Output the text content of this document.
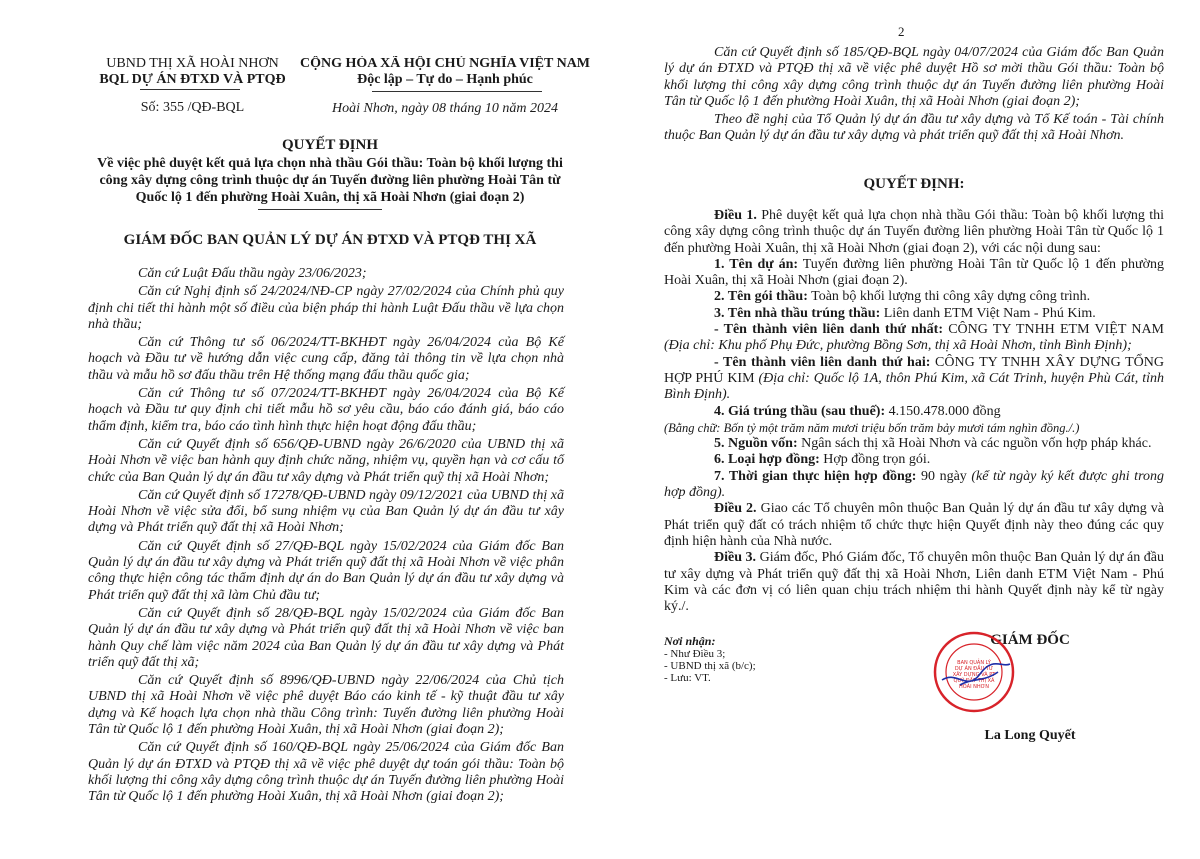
UBND THỊ XÃ HOÀI NHƠN
BQL DỰ ÁN ĐTXD VÀ PTQĐ
Số: 355 /QĐ-BQL
CỘNG HÒA XÃ HỘI CHỦ NGHĨA VIỆT NAM
Độc lập – Tự do – Hạnh phúc
Hoài Nhơn, ngày 08 tháng 10 năm 2024
QUYẾT ĐỊNH
Về việc phê duyệt kết quả lựa chọn nhà thầu Gói thầu: Toàn bộ khối lượng thi
công xây dựng công trình thuộc dự án Tuyến đường liên phường Hoài Tân từ
Quốc lộ 1 đến phường Hoài Xuân, thị xã Hoài Nhơn (giai đoạn 2)
GIÁM ĐỐC BAN QUẢN LÝ DỰ ÁN ĐTXD VÀ PTQĐ THỊ XÃ

Căn cứ Luật Đấu thầu ngày 23/06/2023;

Căn cứ Nghị định số 24/2024/NĐ-CP ngày 27/02/2024 của Chính phủ quy định chi tiết thi hành một số điều của biện pháp thi hành Luật Đấu thầu về lựa chọn nhà thầu;

Căn cứ Thông tư số 06/2024/TT-BKHĐT ngày 26/04/2024 của Bộ Kế hoạch và Đầu tư về hướng dẫn việc cung cấp, đăng tải thông tin về lựa chọn nhà thầu và mẫu hồ sơ đấu thầu trên Hệ thống mạng đấu thầu quốc gia;

Căn cứ Thông tư số 07/2024/TT-BKHĐT ngày 26/04/2024 của Bộ Kế hoạch và Đầu tư quy định chi tiết mẫu hồ sơ yêu cầu, báo cáo đánh giá, báo cáo thẩm định, kiểm tra, báo cáo tình hình thực hiện hoạt động đấu thầu;

Căn cứ Quyết định số 656/QĐ-UBND ngày 26/6/2020 của UBND thị xã Hoài Nhơn về việc ban hành quy định chức năng, nhiệm vụ, quyền hạn và cơ cấu tổ chức của Ban Quản lý dự án đầu tư xây dựng và Phát triển quỹ thị xã Hoài Nhơn;

Căn cứ Quyết định số 17278/QĐ-UBND ngày 09/12/2021 của UBND thị xã Hoài Nhơn về việc sửa đổi, bổ sung nhiệm vụ của Ban Quản lý dự án đầu tư xây dựng và Phát triển quỹ đất thị xã Hoài Nhơn;

Căn cứ Quyết định số 27/QĐ-BQL ngày 15/02/2024 của Giám đốc Ban Quản lý dự án đầu tư xây dựng và Phát triển quỹ đất thị xã Hoài Nhơn về việc phân công thực hiện công tác thẩm định dự án do Ban Quản lý dự án đầu tư xây dựng và Phát triển quỹ đất thị xã làm Chủ đầu tư;

Căn cứ Quyết định số 28/QĐ-BQL ngày 15/02/2024 của Giám đốc Ban Quản lý dự án đầu tư xây dựng và Phát triển quỹ đất thị xã Hoài Nhơn về việc ban hành Quy chế làm việc năm 2024 của Ban Quản lý dự án đầu tư xây dựng và Phát triển quỹ đất thị xã;

Căn cứ Quyết định số 8996/QĐ-UBND ngày 22/06/2024 của Chủ tịch UBND thị xã Hoài Nhơn về việc phê duyệt Báo cáo kinh tế - kỹ thuật đầu tư xây dựng và Kế hoạch lựa chọn nhà thầu Công trình: Tuyến đường liên phường Hoài Tân từ Quốc lộ 1 đến phường Hoài Xuân, thị xã Hoài Nhơn (giai đoạn 2);

Căn cứ Quyết định số 160/QĐ-BQL ngày 25/06/2024 của Giám đốc Ban Quản lý dự án ĐTXD và PTQĐ thị xã về việc phê duyệt dự toán gói thầu: Toàn bộ khối lượng thi công xây dựng công trình thuộc dự án Tuyến đường liên phường Hoài Tân từ Quốc lộ 1 đến phường Hoài Xuân, thị xã Hoài Nhơn (giai đoạn 2);

2

Căn cứ Quyết định số 185/QĐ-BQL ngày 04/07/2024 của Giám đốc Ban Quản lý dự án ĐTXD và PTQĐ thị xã về việc phê duyệt Hồ sơ mời thầu Gói thầu: Toàn bộ khối lượng thi công xây dựng công trình thuộc dự án Tuyến đường liên phường Hoài Tân từ Quốc lộ 1 đến phường Hoài Xuân, thị xã Hoài Nhơn (giai đoạn 2);

Theo đề nghị của Tổ Quản lý dự án đầu tư xây dựng và Tổ Kế toán - Tài chính thuộc Ban Quản lý dự án đầu tư xây dựng và phát triển quỹ đất thị xã Hoài Nhơn.

QUYẾT ĐỊNH:

Điều 1. Phê duyệt kết quả lựa chọn nhà thầu Gói thầu: Toàn bộ khối lượng thi công xây dựng công trình thuộc dự án Tuyến đường liên phường Hoài Tân từ Quốc lộ 1 đến phường Hoài Xuân, thị xã Hoài Nhơn (giai đoạn 2), với các nội dung sau:

1. Tên dự án: Tuyến đường liên phường Hoài Tân từ Quốc lộ 1 đến phường Hoài Xuân, thị xã Hoài Nhơn (giai đoạn 2).

2. Tên gói thầu: Toàn bộ khối lượng thi công xây dựng công trình.

3. Tên nhà thầu trúng thầu: Liên danh ETM Việt Nam - Phú Kim.

- Tên thành viên liên danh thứ nhất: CÔNG TY TNHH ETM VIỆT NAM (Địa chỉ: Khu phố Phụ Đức, phường Bồng Sơn, thị xã Hoài Nhơn, tỉnh Bình Định);

- Tên thành viên liên danh thứ hai: CÔNG TY TNHH XÂY DỰNG TỔNG HỢP PHÚ KIM (Địa chỉ: Quốc lộ 1A, thôn Phú Kim, xã Cát Trinh, huyện Phù Cát, tỉnh Bình Định).

4. Giá trúng thầu (sau thuế): 4.150.478.000 đồng

(Bằng chữ: Bốn tỷ một trăm năm mươi triệu bốn trăm bảy mươi tám nghìn đồng./.)

5. Nguồn vốn: Ngân sách thị xã Hoài Nhơn và các nguồn vốn hợp pháp khác.

6. Loại hợp đồng: Hợp đồng trọn gói.

7. Thời gian thực hiện hợp đồng: 90 ngày (kể từ ngày ký kết được ghi trong hợp đồng).

Điều 2. Giao các Tổ chuyên môn thuộc Ban Quản lý dự án đầu tư xây dựng và Phát triển quỹ đất có trách nhiệm tổ chức thực hiện Quyết định này theo đúng các quy định hiện hành của Nhà nước.

Điều 3. Giám đốc, Phó Giám đốc, Tổ chuyên môn thuộc Ban Quản lý dự án đầu tư xây dựng và Phát triển quỹ đất thị xã Hoài Nhơn, Liên danh ETM Việt Nam - Phú Kim và các đơn vị có liên quan chịu trách nhiệm thi hành Quyết định này kể từ ngày ký./.

Nơi nhận:
- Như Điều 3;
- UBND thị xã (b/c);
- Lưu: VT.
GIÁM ĐỐC
La Long Quyết
BAN QUẢN LÝ
DỰ ÁN ĐẦU TƯ
XÂY DỰNG VÀ PT
QUỸ ĐẤT THỊ XÃ
HOÀI NHƠN
